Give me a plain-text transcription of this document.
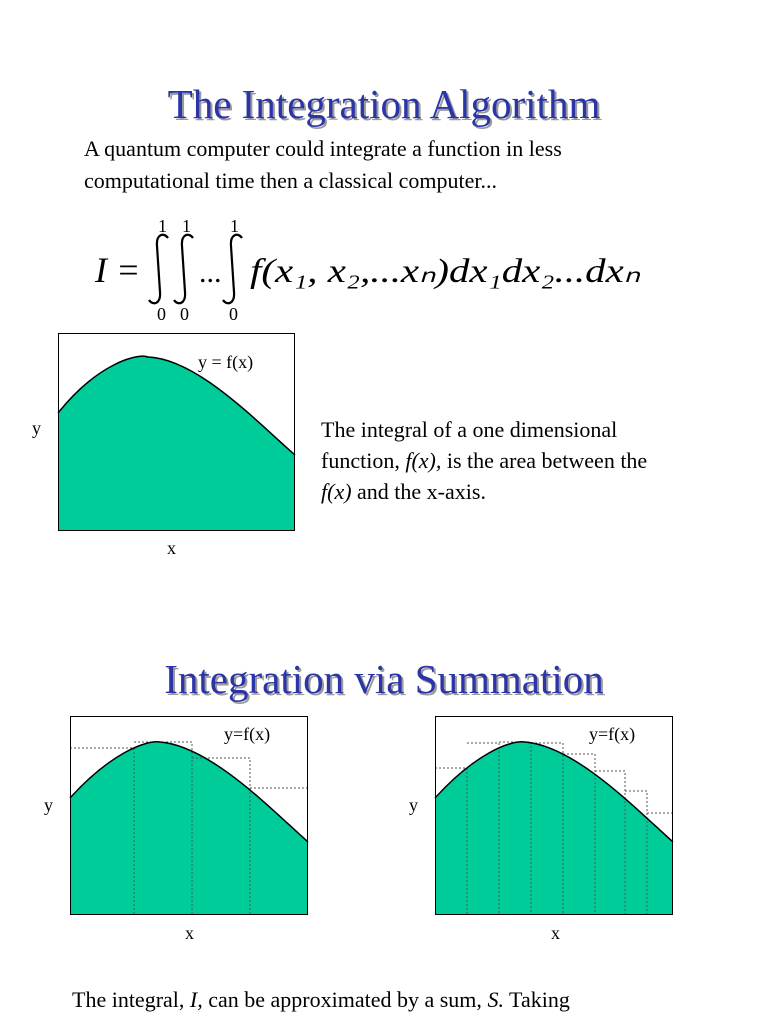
The Integration Algorithm

A quantum computer could integrate a function in less

computational time then a classical computer...

I =
1 1 1
0 0 0
... f(x₁, x₂,...xₙ)dx₁dx₂...dxₙ
y = f(x)
y
x

The integral of a one dimensional

function, f(x), is the area between the

f(x) and the x-axis.

Integration via Summation
y=f(x)
y
x
y=f(x)
y
x

The integral, I, can be approximated by a sum, S. Taking
